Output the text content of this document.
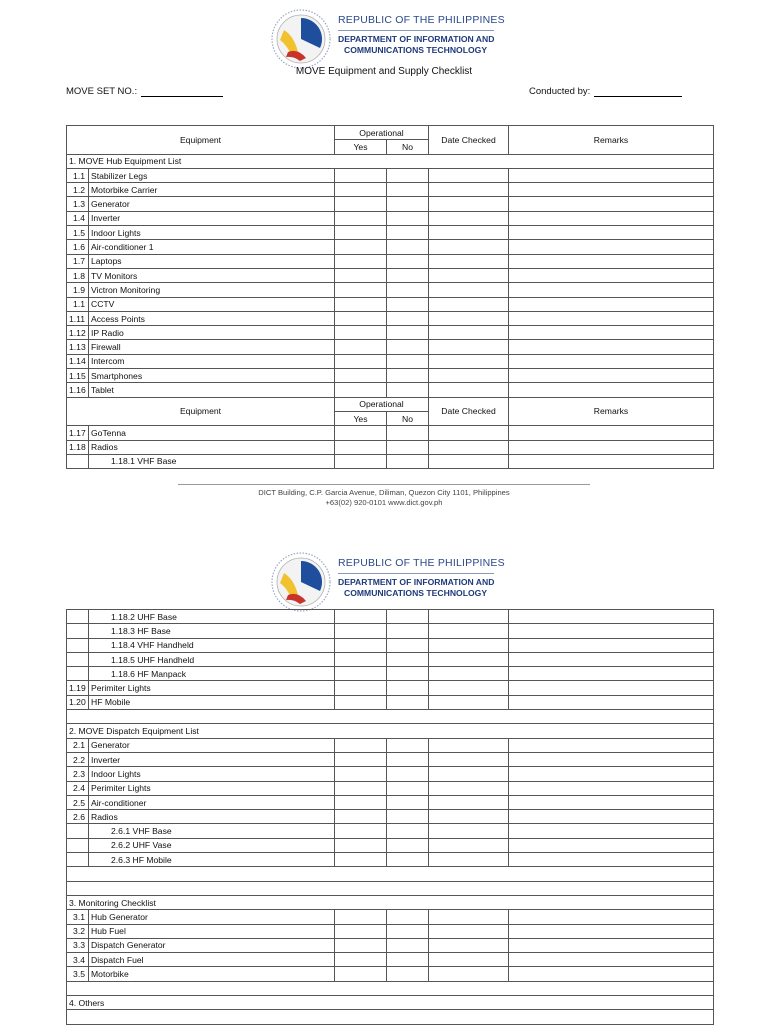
REPUBLIC OF THE PHILIPPINES
DEPARTMENT OF INFORMATION AND
COMMUNICATIONS TECHNOLOGY
MOVE Equipment and Supply Checklist
MOVE SET NO.:	Conducted by:
Equipment		Operational		Date Checked	Remarks
		Yes	No		
1. MOVE Hub Equipment List					
1.1	Stabilizer Legs				
1.2	Motorbike Carrier				
1.3	Generator				
1.4	Inverter				
1.5	Indoor Lights				
1.6	Air-conditioner 1				
1.7	Laptops				
1.8	TV Monitors				
1.9	Victron Monitoring				
1.1	CCTV				
1.11	Access Points				
1.12	IP Radio				
1.13	Firewall				
1.14	Intercom				
1.15	Smartphones				
1.16	Tablet				
Equipment		Operational		Date Checked	Remarks
		Yes	No		
1.17	GoTenna				
1.18	Radios				
	1.18.1 VHF Base				
DICT Building, C.P. Garcia Avenue, Diliman, Quezon City 1101, Philippines
+63(02) 920-0101 www.dict.gov.ph
REPUBLIC OF THE PHILIPPINES
DEPARTMENT OF INFORMATION AND
COMMUNICATIONS TECHNOLOGY
	1.18.2 UHF Base				
	1.18.3 HF Base				
	1.18.4 VHF Handheld				
	1.18.5 UHF Handheld				
	1.18.6 HF Manpack				
1.19	Perimiter Lights				
1.20	HF Mobile				

2. MOVE Dispatch Equipment List					
2.1	Generator				
2.2	Inverter				
2.3	Indoor Lights				
2.4	Perimiter Lights				
2.5	Air-conditioner				
2.6	Radios				
	2.6.1 VHF Base				
	2.6.2 UHF Vase				
	2.6.3 HF Mobile				

3. Monitoring Checklist					
3.1	Hub Generator				
3.2	Hub Fuel				
3.3	Dispatch Generator				
3.4	Dispatch Fuel				
3.5	Motorbike				

4. Others					
